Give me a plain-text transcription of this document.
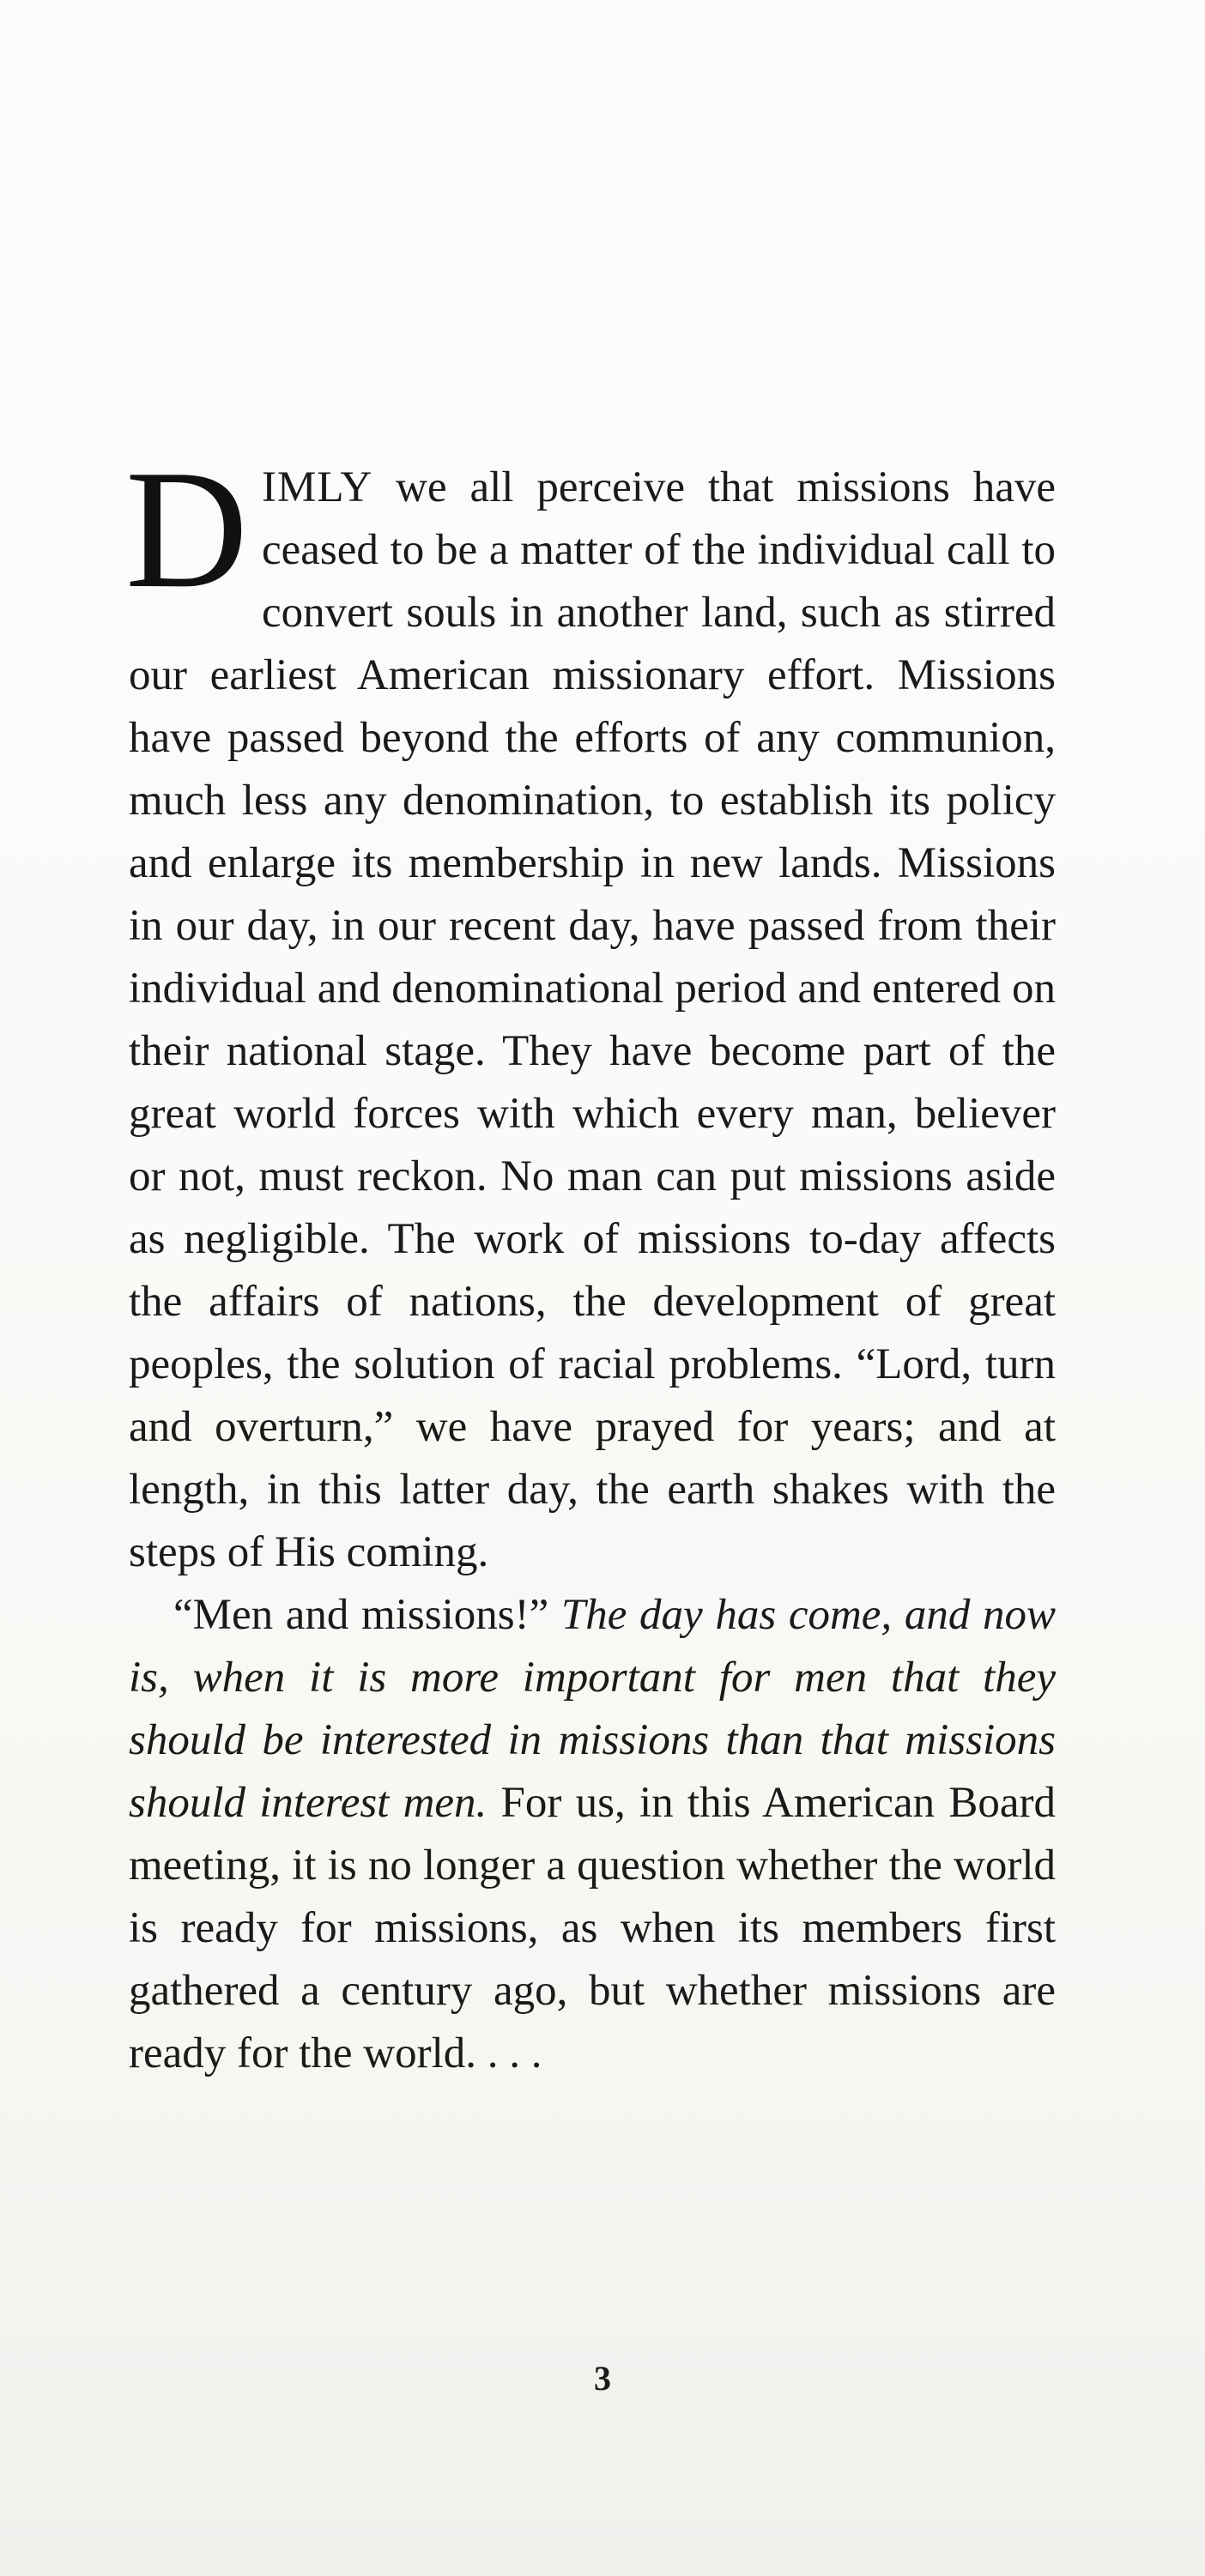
DIMLY we all perceive that missions have ceased to be a matter of the individual call to convert souls in another land, such as stirred our earliest American missionary effort. Missions have passed beyond the efforts of any communion, much less any denomination, to establish its policy and enlarge its membership in new lands. Missions in our day, in our recent day, have passed from their individual and denominational period and entered on their national stage. They have become part of the great world forces with which every man, believer or not, must reckon. No man can put missions aside as negligible. The work of missions to-day affects the affairs of nations, the development of great peoples, the solution of racial problems. “Lord, turn and overturn,” we have prayed for years; and at length, in this latter day, the earth shakes with the steps of His coming.

“Men and missions!” The day has come, and now is, when it is more important for men that they should be interested in missions than that missions should interest men. For us, in this American Board meeting, it is no longer a question whether the world is ready for missions, as when its members first gathered a century ago, but whether missions are ready for the world. . . .

3
